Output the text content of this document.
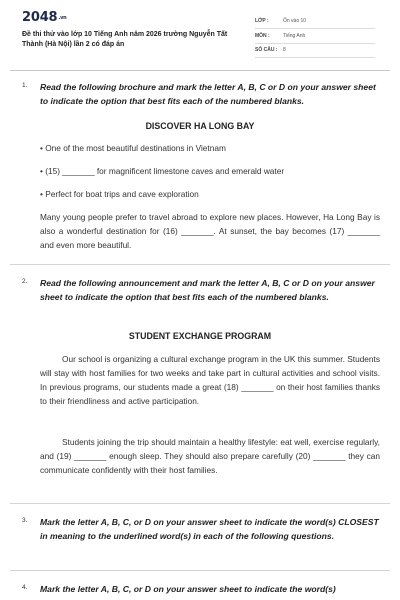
$2048^{.vn}$
Đề thi thử vào lớp 10 Tiếng Anh năm 2026 trường Nguyễn Tất Thành (Hà Nội) lần 2 có đáp án
LỚP :	Ôn vào 10
MÔN :	Tiếng Anh
SỐ CÂU : 8
1. Read the following brochure and mark the letter A, B, C or D on your answer sheet to indicate the option that best fits each of the numbered blanks.
DISCOVER HA LONG BAY
• One of the most beautiful destinations in Vietnam
• (15) _______ for magnificent limestone caves and emerald water
• Perfect for boat trips and cave exploration
Many young people prefer to travel abroad to explore new places. However, Ha Long Bay is also a wonderful destination for (16) _______. At sunset, the bay becomes (17) _______ and even more beautiful.
2. Read the following announcement and mark the letter A, B, C or D on your answer sheet to indicate the option that best fits each of the numbered blanks.
STUDENT EXCHANGE PROGRAM
Our school is organizing a cultural exchange program in the UK this summer. Students will stay with host families for two weeks and take part in cultural activities and school visits. In previous programs, our students made a great (18) _______ on their host families thanks to their friendliness and active participation.
Students joining the trip should maintain a healthy lifestyle: eat well, exercise regularly, and (19) _______ enough sleep. They should also prepare carefully (20) _______ they can communicate confidently with their host families.
3. Mark the letter A, B, C, or D on your answer sheet to indicate the word(s) CLOSEST in meaning to the underlined word(s) in each of the following questions.
4. Mark the letter A, B, C, or D on your answer sheet to indicate the word(s)
